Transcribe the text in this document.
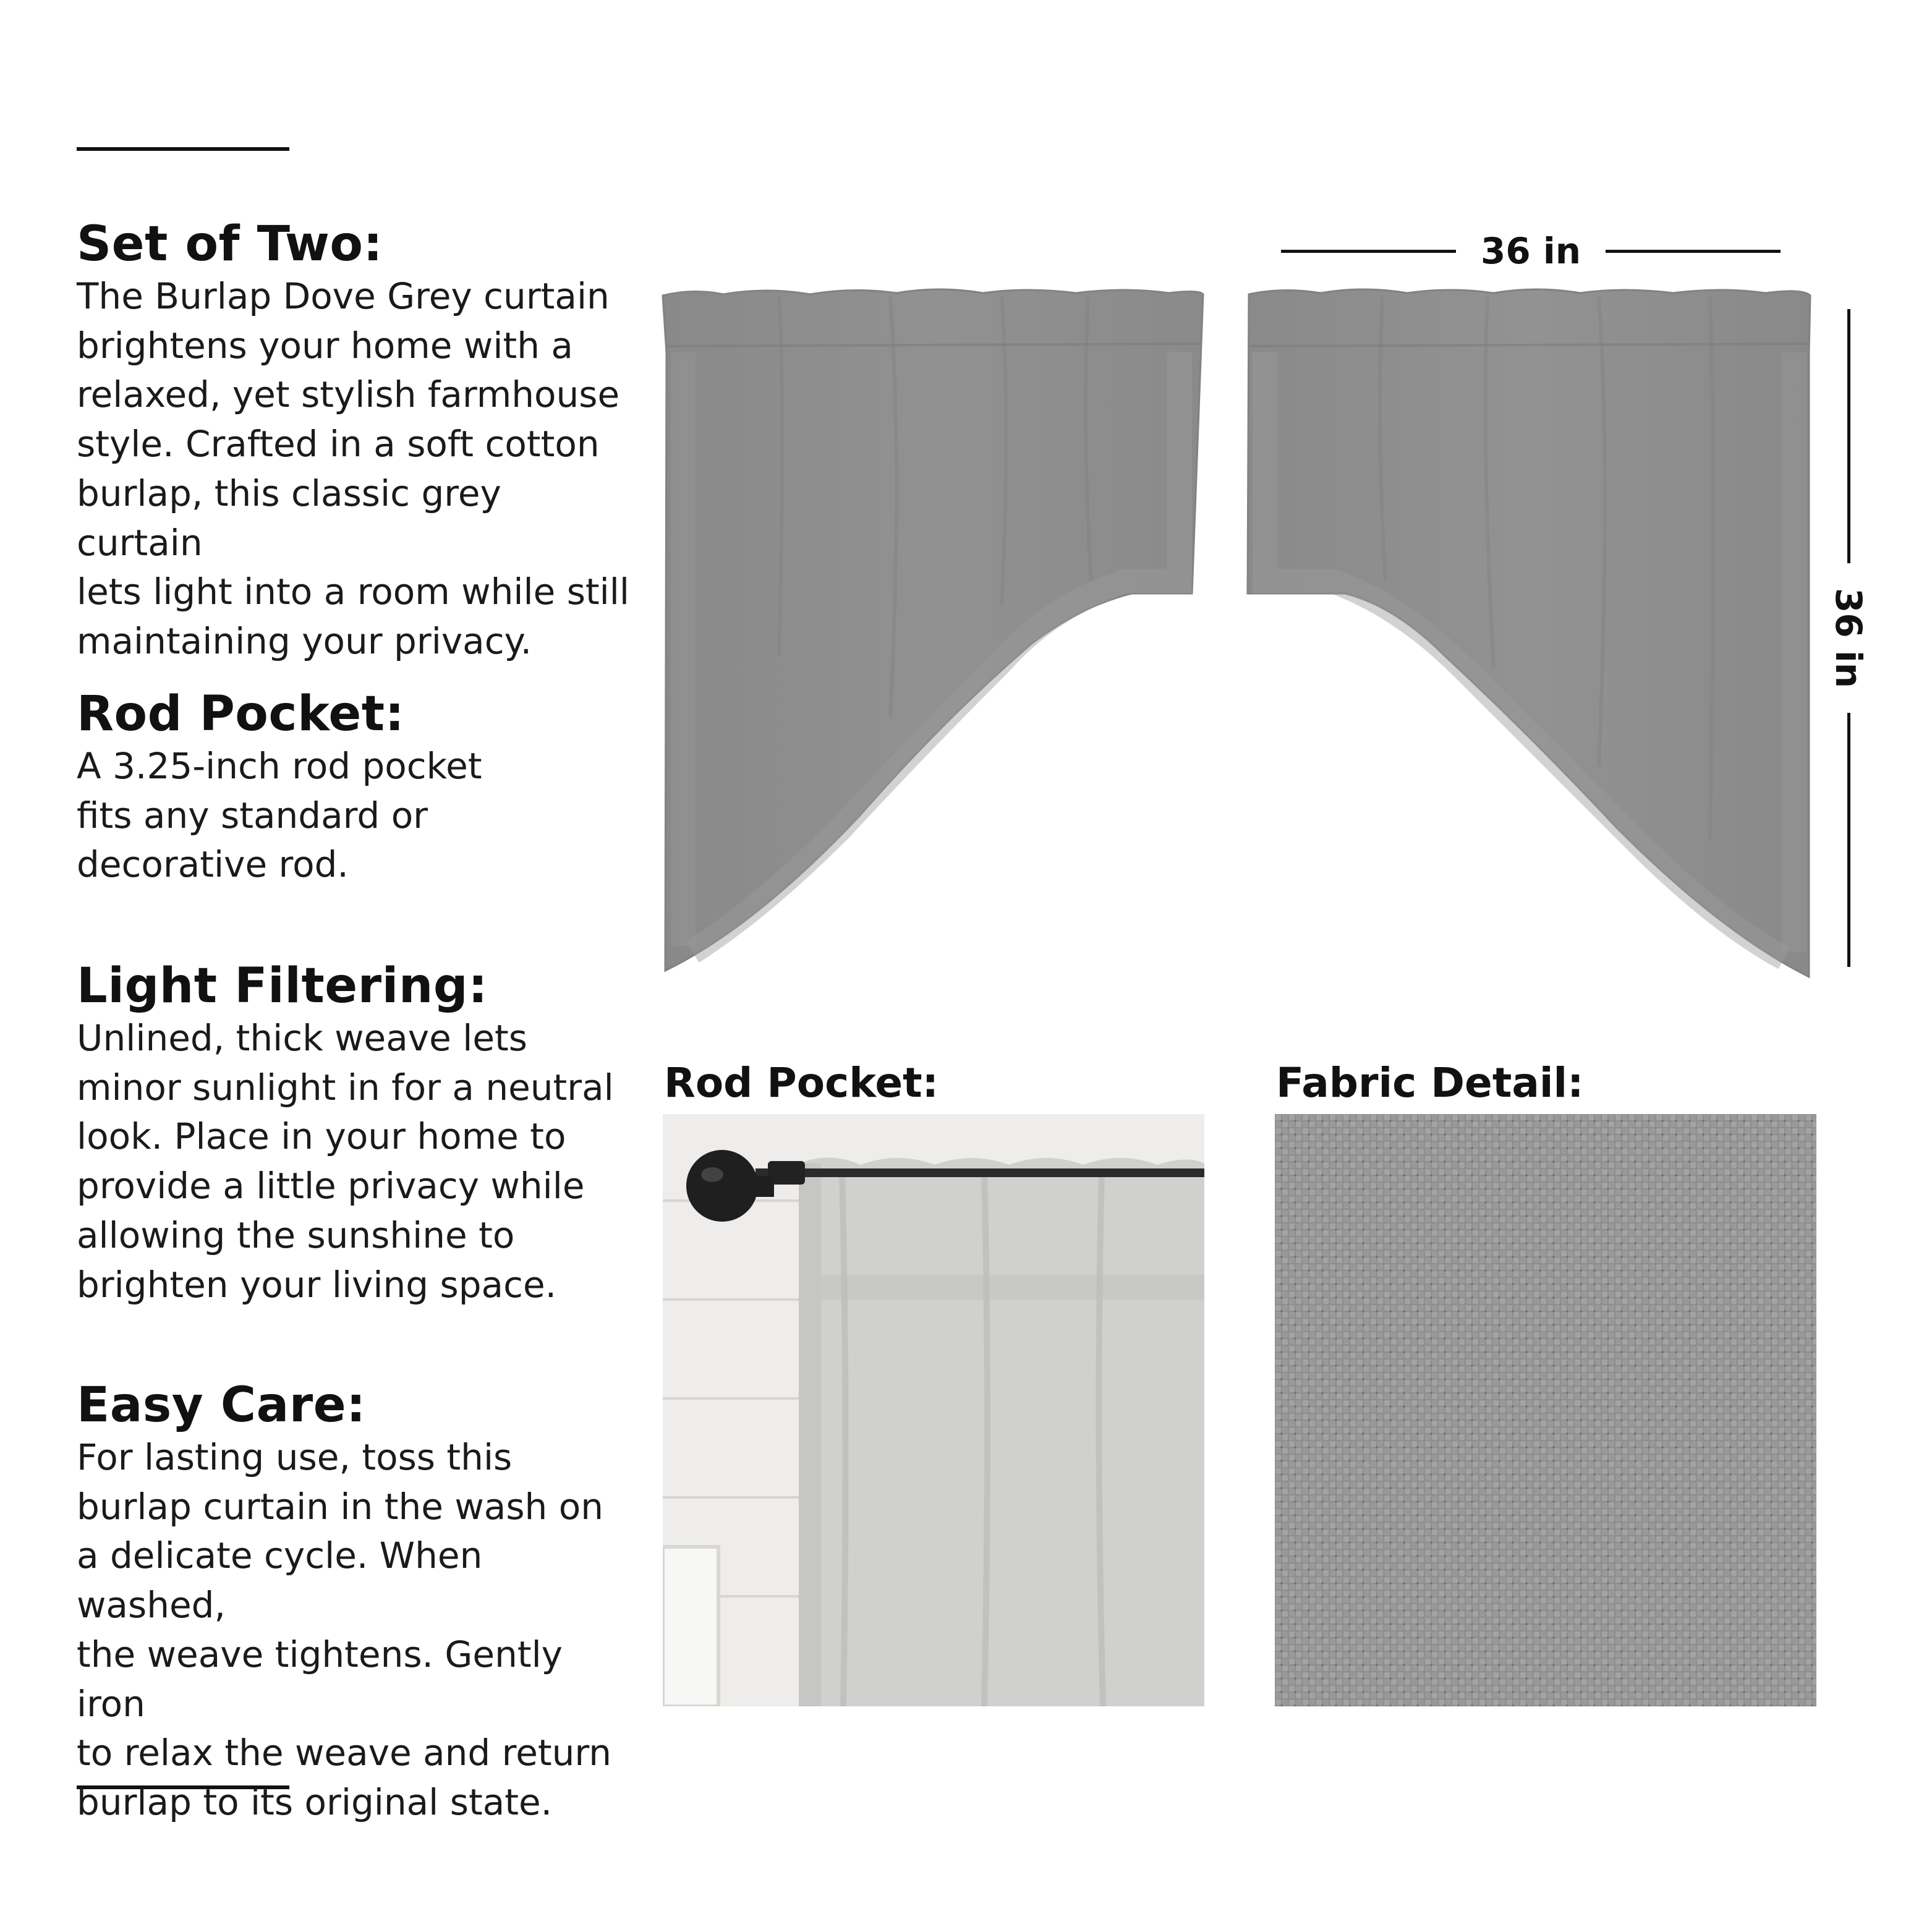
Set of Two:

The Burlap Dove Grey curtain
brightens your home with a
relaxed, yet stylish farmhouse
style. Crafted in a soft cotton
burlap, this classic grey curtain
lets light into a room while still
maintaining your privacy.

Rod Pocket:

A 3.25-inch rod pocket
fits any standard or
decorative rod.

Light Filtering:

Unlined, thick weave lets
minor sunlight in for a neutral
look. Place in your home to
provide a little privacy while
allowing the sunshine to
brighten your living space.

Easy Care:

For lasting use, toss this
burlap curtain in the wash on
a delicate cycle. When washed,
the weave tightens. Gently iron
to relax the weave and return
burlap to its original state.

36 in
36 in

Rod Pocket:	Fabric Detail:
